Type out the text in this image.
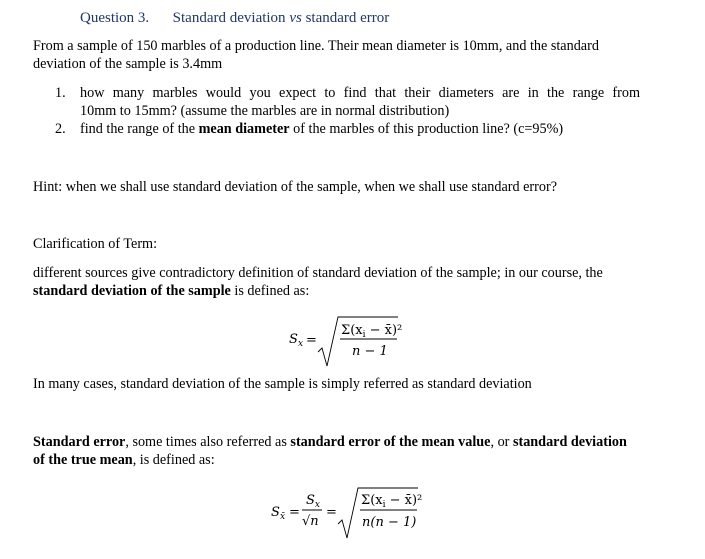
Question 3. Standard deviation vs standard error
From a sample of 150 marbles of a production line. Their mean diameter is 10mm, and the standard
deviation of the sample is 3.4mm
1. how many marbles would you expect to find that their diameters are in the range from
10mm to 15mm? (assume the marbles are in normal distribution)
2. find the range of the mean diameter of the marbles of this production line? (c=95%)
Hint: when we shall use standard deviation of the sample, when we shall use standard error?
Clarification of Term:
different sources give contradictory definition of standard deviation of the sample; in our course, the
standard deviation of the sample is defined as:
S x =
$\Sigma(x_i$ − x̄)²
n − 1
In many cases, standard deviation of the sample is simply referred as standard deviation
Standard error, some times also referred as standard error of the mean value, or standard deviation
of the true mean, is defined as:
S x̄ =
$S_x$
√n
=
$\Sigma(x_i$ − x̄)²
n(n − 1)
